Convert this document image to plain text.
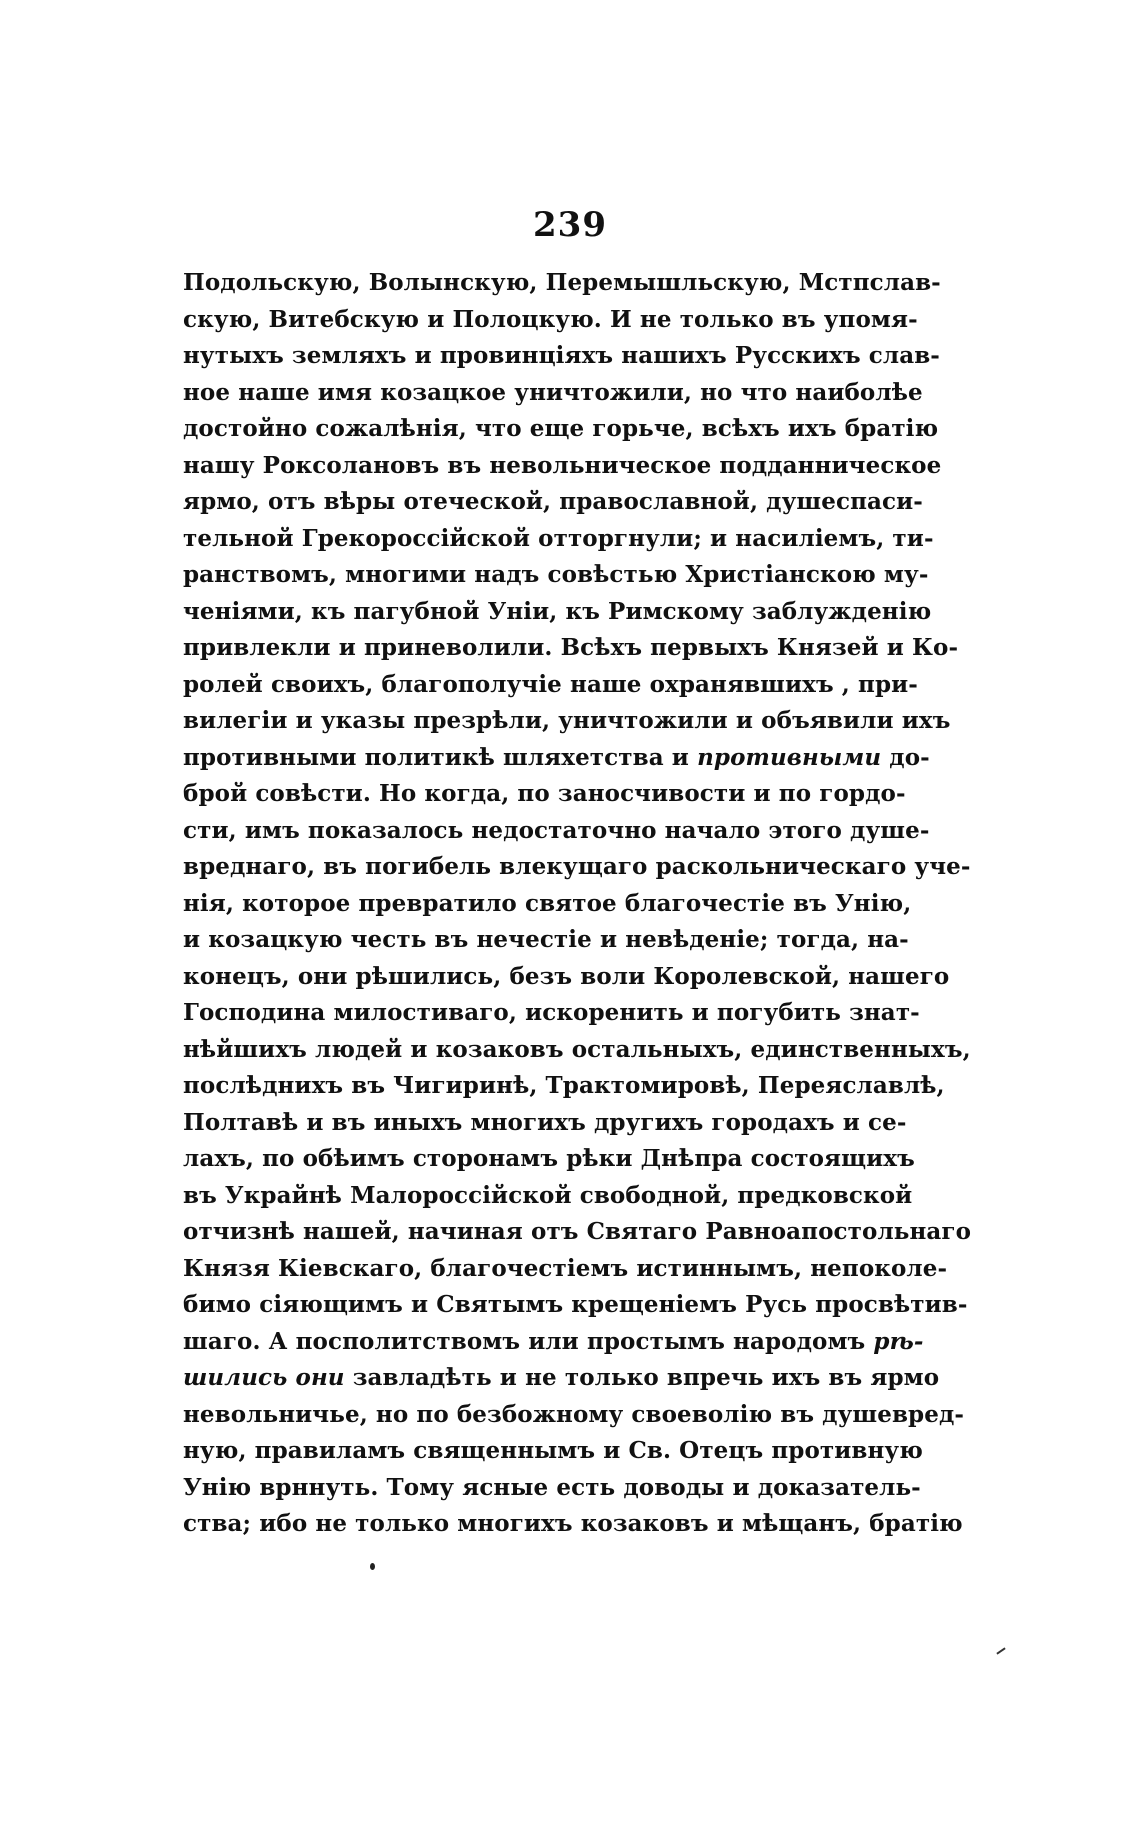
239
Подольскую, Волынскую, Перемышльскую, Мстпслав-
скую, Витебскую и Полоцкую. И не только въ упомя-
нутыхъ земляхъ и провинцiяхъ нашихъ Русскихъ слав-
ное наше имя козацкое уничтожили, но что наиболѣе
достойно сожалѣнiя, что еще горьче, всѣхъ ихъ братiю
нашу Роксолановъ въ невольническое подданническое
ярмо, отъ вѣры отеческой, православной, душеспаси-
тельной Грекороссiйской отторгнули; и насилiемъ, ти-
ранствомъ, многими надъ совѣстью Христiанскою му-
ченiями, къ пагубной Унiи, къ Римскому заблужденiю
привлекли и приневолили. Всѣхъ первыхъ Князей и Ко-
ролей своихъ, благополучiе наше охранявшихъ , при-
вилегiи и указы презрѣли, уничтожили и объявили ихъ
противными политикѣ шляхетства и противными до-
брой совѣсти. Но когда, по заносчивости и по гордо-
сти, имъ показалось недостаточно начало этого душе-
вреднаго, въ погибель влекущаго раскольническаго уче-
нiя, которое превратило святое благочестiе въ Унiю,
и козацкую честь въ нечестiе и невѣденiе; тогда, на-
конецъ, они рѣшились, безъ воли Королевской, нашего
Господина милостиваго, искоренить и погубить знат-
нѣйшихъ людей и козаковъ остальныхъ, единственныхъ,
послѣднихъ въ Чигиринѣ, Трактомировѣ, Переяславлѣ,
Полтавѣ и въ иныхъ многихъ другихъ городахъ и се-
лахъ, по обѣимъ сторонамъ рѣки Днѣпра состоящихъ
въ Украйнѣ Малороссiйской свободной, предковской
отчизнѣ нашей, начиная отъ Святаго Равноапостольнаго
Князя Кiевскаго, благочестiемъ истиннымъ, непоколе-
бимо сiяющимъ и Святымъ крещенiемъ Русь просвѣтив-
шаго. А посполитствомъ или простымъ народомъ рѣ-
шились они завладѣть и не только впречь ихъ въ ярмо
невольничье, но по безбожному своеволiю въ душевред-
ную, правиламъ священнымъ и Св. Отецъ противную
Унiю врннуть. Тому ясные есть доводы и доказатель-
ства; ибо не только многихъ козаковъ и мѣщанъ, братiю
